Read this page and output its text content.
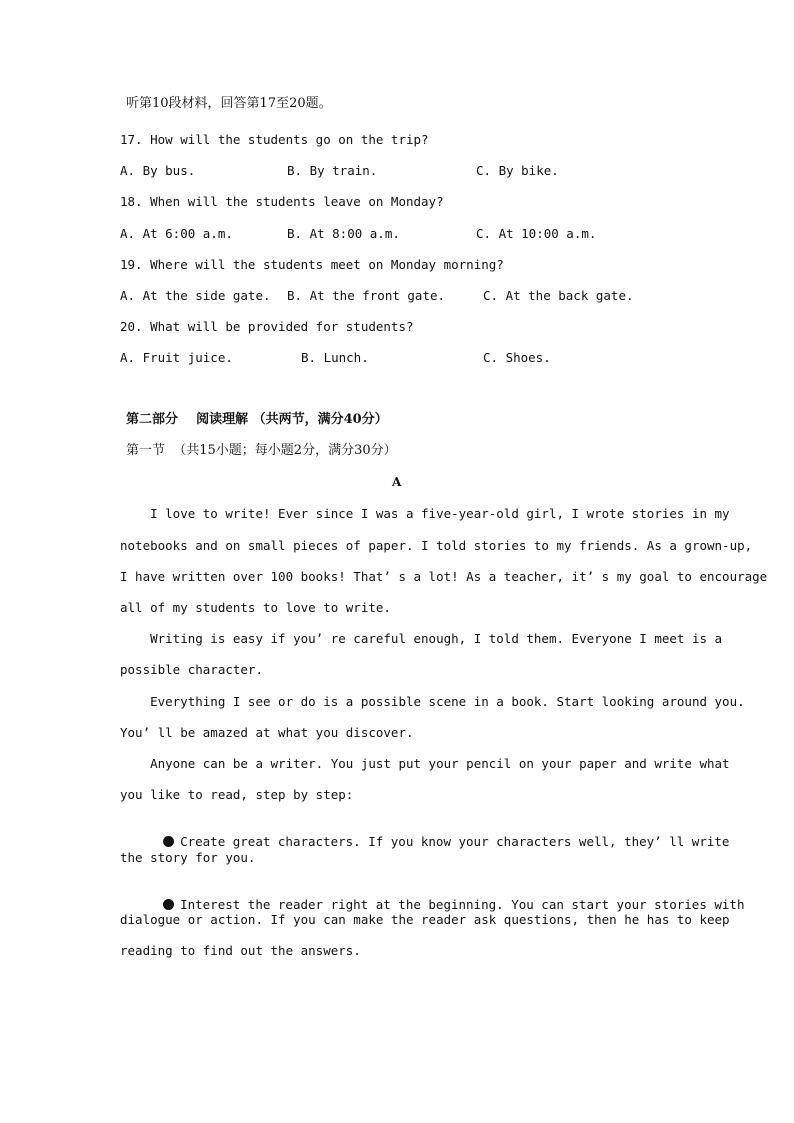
听第10段材料，回答第17至20题。
17. How will the students go on the trip?
A. By bus.	B. By train.	C. By bike.
18. When will the students leave on Monday?
A. At 6:00 a.m.	B. At 8:00 a.m.	C. At 10:00 a.m.
19. Where will the students meet on Monday morning?
A. At the side gate. B. At the front gate.	C. At the back gate.
20. What will be provided for students?
A. Fruit juice.	B. Lunch.	C. Shoes.
第二部分    阅读理解 （共两节，满分40分）
第一节  （共15小题；每小题2分，满分30分）
A
I love to write! Ever since I was a five-year-old girl, I wrote stories in my
notebooks and on small pieces of paper. I told stories to my friends. As a grown-up,
I have written over 100 books! That’ s a lot! As a teacher, it’ s my goal to encourage
all of my students to love to write.
Writing is easy if you’ re careful enough, I told them. Everyone I meet is a
possible character.
Everything I see or do is a possible scene in a book. Start looking around you.
You’ ll be amazed at what you discover.
Anyone can be a writer. You just put your pencil on your paper and write what
you like to read, step by step:

Create great characters. If you know your characters well, they’ ll write

the story for you.

Interest the reader right at the beginning. You can start your stories with

dialogue or action. If you can make the reader ask questions, then he has to keep
reading to find out the answers.
